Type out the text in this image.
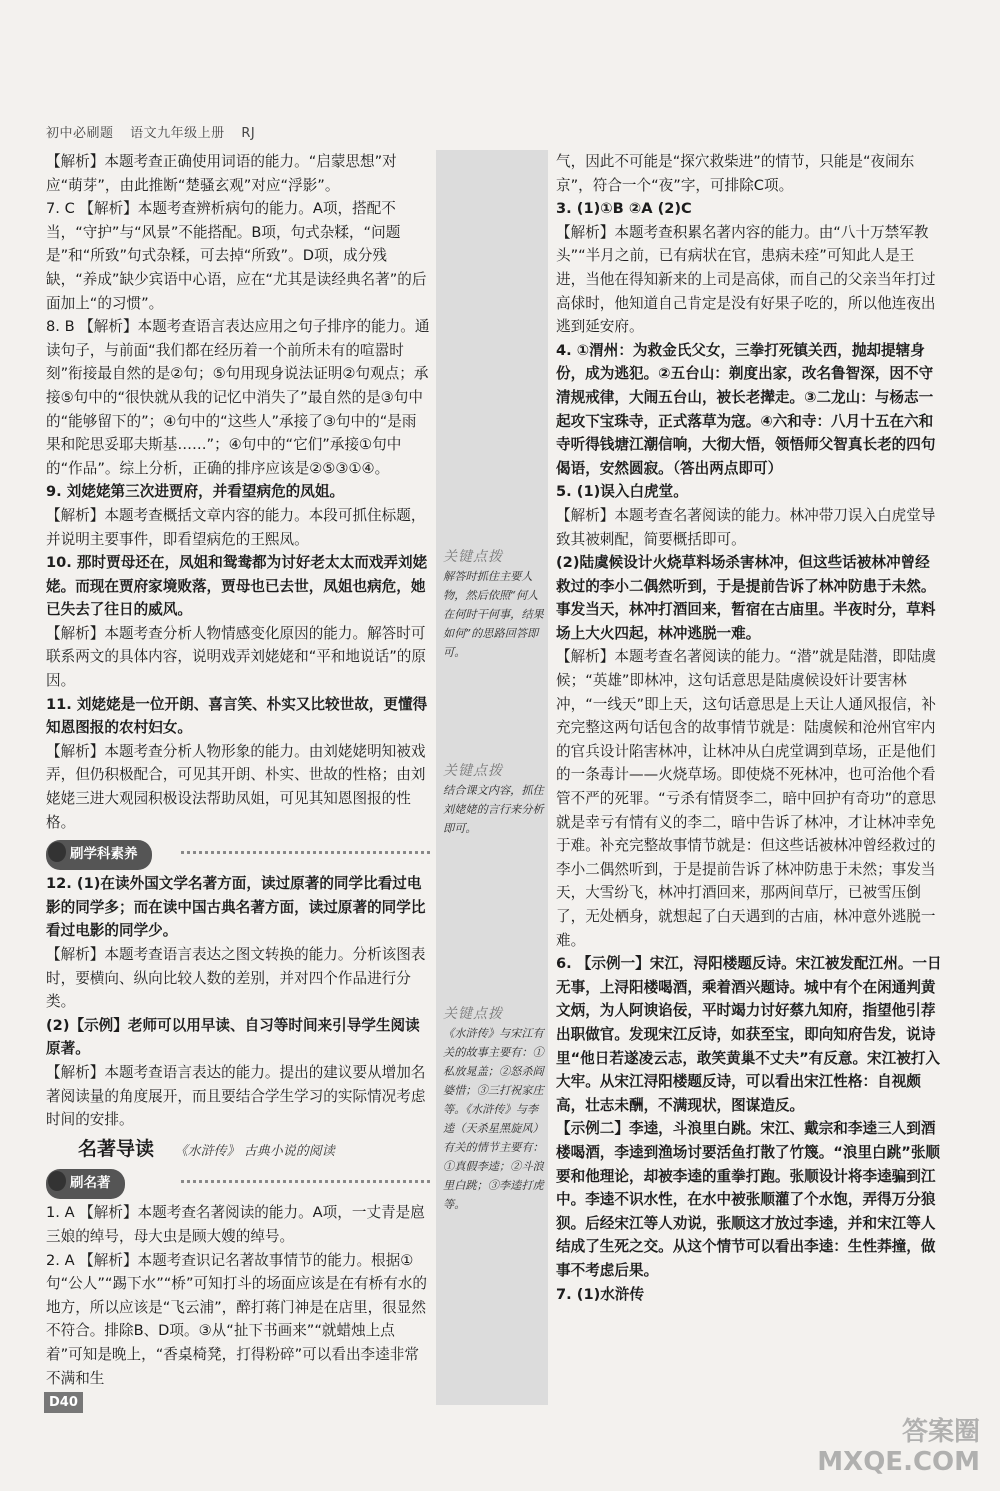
初中必刷题 语文九年级上册 RJ

【解析】本题考查正确使用词语的能力。“启蒙思想”对应“萌芽”，由此推断“楚骚玄观”对应“浮影”。

7. C 【解析】本题考查辨析病句的能力。A项，搭配不当，“守护”与“风景”不能搭配。B项，句式杂糅，“问题是”和“所致”句式杂糅，可去掉“所致”。D项，成分残缺，“养成”缺少宾语中心语，应在“尤其是读经典名著”的后面加上“的习惯”。

8. B 【解析】本题考查语言表达应用之句子排序的能力。通读句子，与前面“我们都在经历着一个前所未有的喧嚣时刻”衔接最自然的是②句；⑤句用现身说法证明②句观点；承接⑤句中的“很快就从我的记忆中消失了”最自然的是③句中的“能够留下的”；④句中的“这些人”承接了③句中的“是雨果和陀思妥耶夫斯基……”；④句中的“它们”承接①句中的“作品”。综上分析，正确的排序应该是②⑤③①④。

9. 刘姥姥第三次进贾府，并看望病危的凤姐。

【解析】本题考查概括文章内容的能力。本段可抓住标题，并说明主要事件，即看望病危的王熙凤。

10. 那时贾母还在，凤姐和鸳鸯都为讨好老太太而戏弄刘姥姥。而现在贾府家境败落，贾母也已去世，凤姐也病危，她已失去了往日的威风。

【解析】本题考查分析人物情感变化原因的能力。解答时可联系两文的具体内容，说明戏弄刘姥姥和“平和地说话”的原因。

11. 刘姥姥是一位开朗、喜言笑、朴实又比较世故，更懂得知恩图报的农村妇女。

【解析】本题考查分析人物形象的能力。由刘姥姥明知被戏弄，但仍积极配合，可见其开朗、朴实、世故的性格；由刘姥姥三进大观园积极设法帮助凤姐，可见其知恩图报的性格。

刷学科素养

12. (1)在读外国文学名著方面，读过原著的同学比看过电影的同学多；而在读中国古典名著方面，读过原著的同学比看过电影的同学少。

【解析】本题考查语言表达之图文转换的能力。分析该图表时，要横向、纵向比较人数的差别，并对四个作品进行分类。

(2)【示例】老师可以用早读、自习等时间来引导学生阅读原著。

【解析】本题考查语言表达的能力。提出的建议要从增加名著阅读量的角度展开，而且要结合学生学习的实际情况考虑时间的安排。

名著导读 《水浒传》 古典小说的阅读
刷名著

1. A 【解析】本题考查名著阅读的能力。A项，一丈青是扈三娘的绰号，母大虫是顾大嫂的绰号。

2. A 【解析】本题考查识记名著故事情节的能力。根据①句“公人”“踢下水”“桥”可知打斗的场面应该是在有桥有水的地方，所以应该是“飞云浦”，醉打蒋门神是在店里，很显然不符合。排除B、D项。③从“扯下书画来”“就蜡烛上点着”可知是晚上，“香桌椅凳，打得粉碎”可以看出李逵非常不满和生

关键点拨
解答时抓住主要人物，然后依照“何人在何时干何事，结果如何”的思路回答即可。
关键点拨
结合课文内容，抓住刘姥姥的言行来分析即可。
关键点拨
《水浒传》与宋江有关的故事主要有：①私放晁盖；②怒杀阎婆惜；③三打祝家庄等。《水浒传》与李逵（天杀星黑旋风）有关的情节主要有：①真假李逵；②斗浪里白跳；③李逵打虎等。

气，因此不可能是“探穴救柴进”的情节，只能是“夜闹东京”，符合一个“夜”字，可排除C项。

3. (1)①B ②A (2)C

【解析】本题考查积累名著内容的能力。由“八十万禁军教头”“半月之前，已有病状在官，患病未痊”可知此人是王进，当他在得知新来的上司是高俅，而自己的父亲当年打过高俅时，他知道自己肯定是没有好果子吃的，所以他连夜出逃到延安府。

4. ①渭州：为救金氏父女，三拳打死镇关西，抛却提辖身份，成为逃犯。②五台山：剃度出家，改名鲁智深，因不守清规戒律，大闹五台山，被长老撵走。③二龙山：与杨志一起攻下宝珠寺，正式落草为寇。④六和寺：八月十五在六和寺听得钱塘江潮信响，大彻大悟，领悟师父智真长老的四句偈语，安然圆寂。（答出两点即可）

5. (1)误入白虎堂。

【解析】本题考查名著阅读的能力。林冲带刀误入白虎堂导致其被刺配，简要概括即可。

(2)陆虞候设计火烧草料场杀害林冲，但这些话被林冲曾经救过的李小二偶然听到，于是提前告诉了林冲防患于未然。事发当天，林冲打酒回来，暂宿在古庙里。半夜时分，草料场上大火四起，林冲逃脱一难。

【解析】本题考查名著阅读的能力。“潜”就是陆潜，即陆虞候；“英雄”即林冲，这句话意思是陆虞候设奸计要害林冲，“一线天”即上天，这句话意思是上天让人通风报信，补充完整这两句话包含的故事情节就是：陆虞候和沧州官牢内的官兵设计陷害林冲，让林冲从白虎堂调到草场，正是他们的一条毒计——火烧草场。即使烧不死林冲，也可治他个看管不严的死罪。“亏杀有情贤李二，暗中回护有奇功”的意思就是幸亏有情有义的李二，暗中告诉了林冲，才让林冲幸免于难。补充完整故事情节就是：但这些话被林冲曾经救过的李小二偶然听到，于是提前告诉了林冲防患于未然；事发当天，大雪纷飞，林冲打酒回来，那两间草厅，已被雪压倒了，无处栖身，就想起了白天遇到的古庙，林冲意外逃脱一难。

6. 【示例一】宋江，浔阳楼题反诗。宋江被发配江州。一日无事，上浔阳楼喝酒，乘着酒兴题诗。城中有个在闲通判黄文炳，为人阿谀谄佞，平时竭力讨好蔡九知府，指望他引荐出职做官。发现宋江反诗，如获至宝，即向知府告发，说诗里“他日若遂凌云志，敢笑黄巢不丈夫”有反意。宋江被打入大牢。从宋江浔阳楼题反诗，可以看出宋江性格：自视颇高，壮志未酬，不满现状，图谋造反。

【示例二】李逵，斗浪里白跳。宋江、戴宗和李逵三人到酒楼喝酒，李逵到渔场讨要活鱼打散了竹篾。“浪里白跳”张顺要和他理论，却被李逵的重拳打跑。张顺设计将李逵骗到江中。李逵不识水性，在水中被张顺灌了个水饱，弄得万分狼狈。后经宋江等人劝说，张顺这才放过李逵，并和宋江等人结成了生死之交。从这个情节可以看出李逵：生性莽撞，做事不考虑后果。

7. (1)水浒传

D40
答案圈
MXQE.COM
